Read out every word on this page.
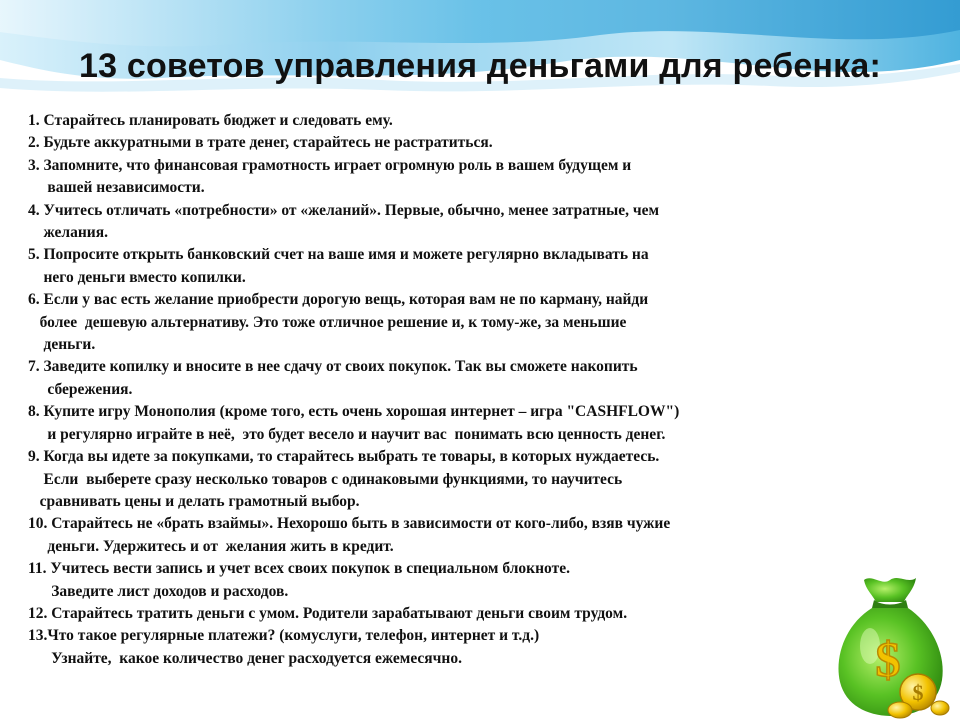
13 советов управления деньгами для ребенка:
1. Старайтесь планировать бюджет и следовать ему.
2. Будьте аккуратными в трате денег, старайтесь не растратиться.
3. Запомните, что финансовая грамотность играет огромную роль в вашем будущем и
вашей независимости.
4. Учитесь отличать «потребности» от «желаний». Первые, обычно, менее затратные, чем
желания.
5. Попросите открыть банковский счет на ваше имя и можете регулярно вкладывать на
него деньги вместо копилки.
6. Если у вас есть желание приобрести дорогую вещь, которая вам не по карману, найди
более  дешевую альтернативу. Это тоже отличное решение и, к тому-же, за меньшие
деньги.
7. Заведите копилку и вносите в нее сдачу от своих покупок. Так вы сможете накопить
сбережения.
8. Купите игру Монополия (кроме того, есть очень хорошая интернет – игра "CASHFLOW")
и регулярно играйте в неё,  это будет весело и научит вас  понимать всю ценность денег.
9. Когда вы идете за покупками, то старайтесь выбрать те товары, в которых нуждаетесь.
Если  выберете сразу несколько товаров с одинаковыми функциями, то научитесь
сравнивать цены и делать грамотный выбор.
10. Старайтесь не «брать взаймы». Нехорошо быть в зависимости от кого-либо, взяв чужие
деньги. Удержитесь и от  желания жить в кредит.
11. Учитесь вести запись и учет всех своих покупок в специальном блокноте.
Заведите лист доходов и расходов.
12. Старайтесь тратить деньги с умом. Родители зарабатывают деньги своим трудом.
13.Что такое регулярные платежи? (комуслуги, телефон, интернет и т.д.)
Узнайте,  какое количество денег расходуется ежемесячно.	$
$
